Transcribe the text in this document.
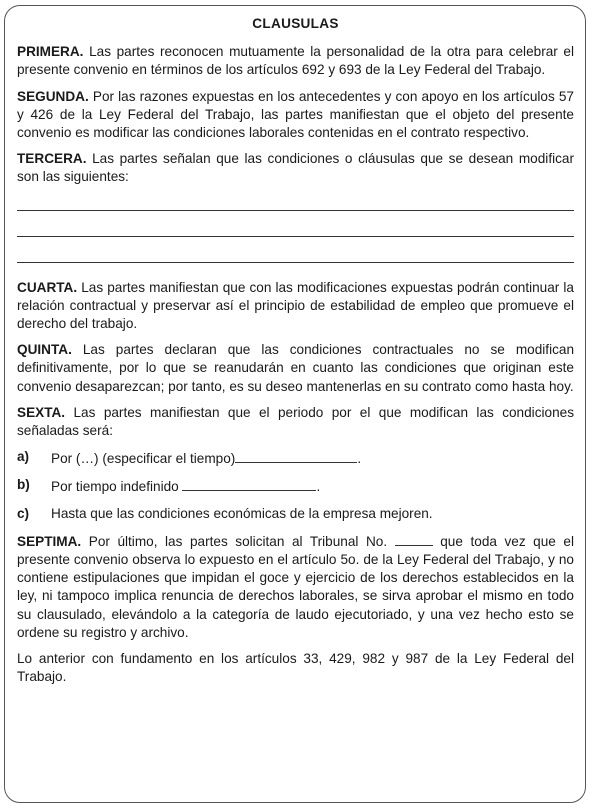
CLAUSULAS

PRIMERA. Las partes reconocen mutuamente la personalidad de la otra para celebrar el presente convenio en términos de los artículos 692 y 693 de la Ley Federal del Trabajo.

SEGUNDA. Por las razones expuestas en los antecedentes y con apoyo en los artículos 57 y 426 de la Ley Federal del Trabajo, las partes manifiestan que el objeto del presente convenio es modificar las condiciones laborales contenidas en el contrato respectivo.

TERCERA. Las partes señalan que las condiciones o cláusulas que se desean modificar son las siguientes:

CUARTA. Las partes manifiestan que con las modificaciones expuestas podrán continuar la relación contractual y preservar así el principio de estabilidad de empleo que promueve el derecho del trabajo.

QUINTA. Las partes declaran que las condiciones contractuales no se modifican definitivamente, por lo que se reanudarán en cuanto las condiciones que originan este convenio desaparezcan; por tanto, es su deseo mantenerlas en su contrato como hasta hoy.

SEXTA. Las partes manifiestan que el periodo por el que modifican las condiciones señaladas será:

a)	Por (…) (especificar el tiempo)	.
b)	Por tiempo indefinido	.
c)	Hasta que las condiciones económicas de la empresa mejoren.

SEPTIMA. Por último, las partes solicitan al Tribunal No.	que toda vez que el presente convenio observa lo expuesto en el artículo 5o. de la Ley Federal del Trabajo, y no contiene estipulaciones que impidan el goce y ejercicio de los derechos establecidos en la ley, ni tampoco implica renuncia de derechos laborales, se sirva aprobar el mismo en todo su clausulado, elevándolo a la categoría de laudo ejecutoriado, y una vez hecho esto se ordene su registro y archivo.

Lo anterior con fundamento en los artículos 33, 429, 982 y 987 de la Ley Federal del Trabajo.
